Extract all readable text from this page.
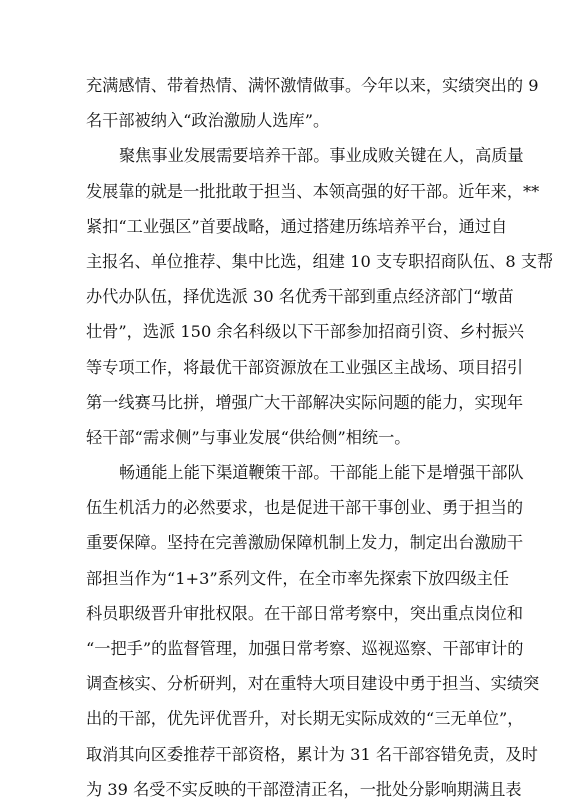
充满感情、带着热情、满怀激情做事。今年以来，实绩突出的 9
名干部被纳入“政治激励人选库”。
聚焦事业发展需要培养干部。事业成败关键在人，高质量
发展靠的就是一批批敢于担当、本领高强的好干部。近年来，**
紧扣“工业强区”首要战略，通过搭建历练培养平台，通过自
主报名、单位推荐、集中比选，组建 10 支专职招商队伍、8 支帮
办代办队伍，择优选派 30 名优秀干部到重点经济部门“墩苗
壮骨”，选派 150 余名科级以下干部参加招商引资、乡村振兴
等专项工作，将最优干部资源放在工业强区主战场、项目招引
第一线赛马比拼，增强广大干部解决实际问题的能力，实现年
轻干部“需求侧”与事业发展“供给侧”相统一。
畅通能上能下渠道鞭策干部。干部能上能下是增强干部队
伍生机活力的必然要求，也是促进干部干事创业、勇于担当的
重要保障。坚持在完善激励保障机制上发力，制定出台激励干
部担当作为“1+3”系列文件，在全市率先探索下放四级主任
科员职级晋升审批权限。在干部日常考察中，突出重点岗位和
“一把手”的监督管理，加强日常考察、巡视巡察、干部审计的
调查核实、分析研判，对在重特大项目建设中勇于担当、实绩突
出的干部，优先评优晋升，对长期无实际成效的“三无单位”，
取消其向区委推荐干部资格，累计为 31 名干部容错免责，及时
为 39 名受不实反映的干部澄清正名，一批处分影响期满且表
